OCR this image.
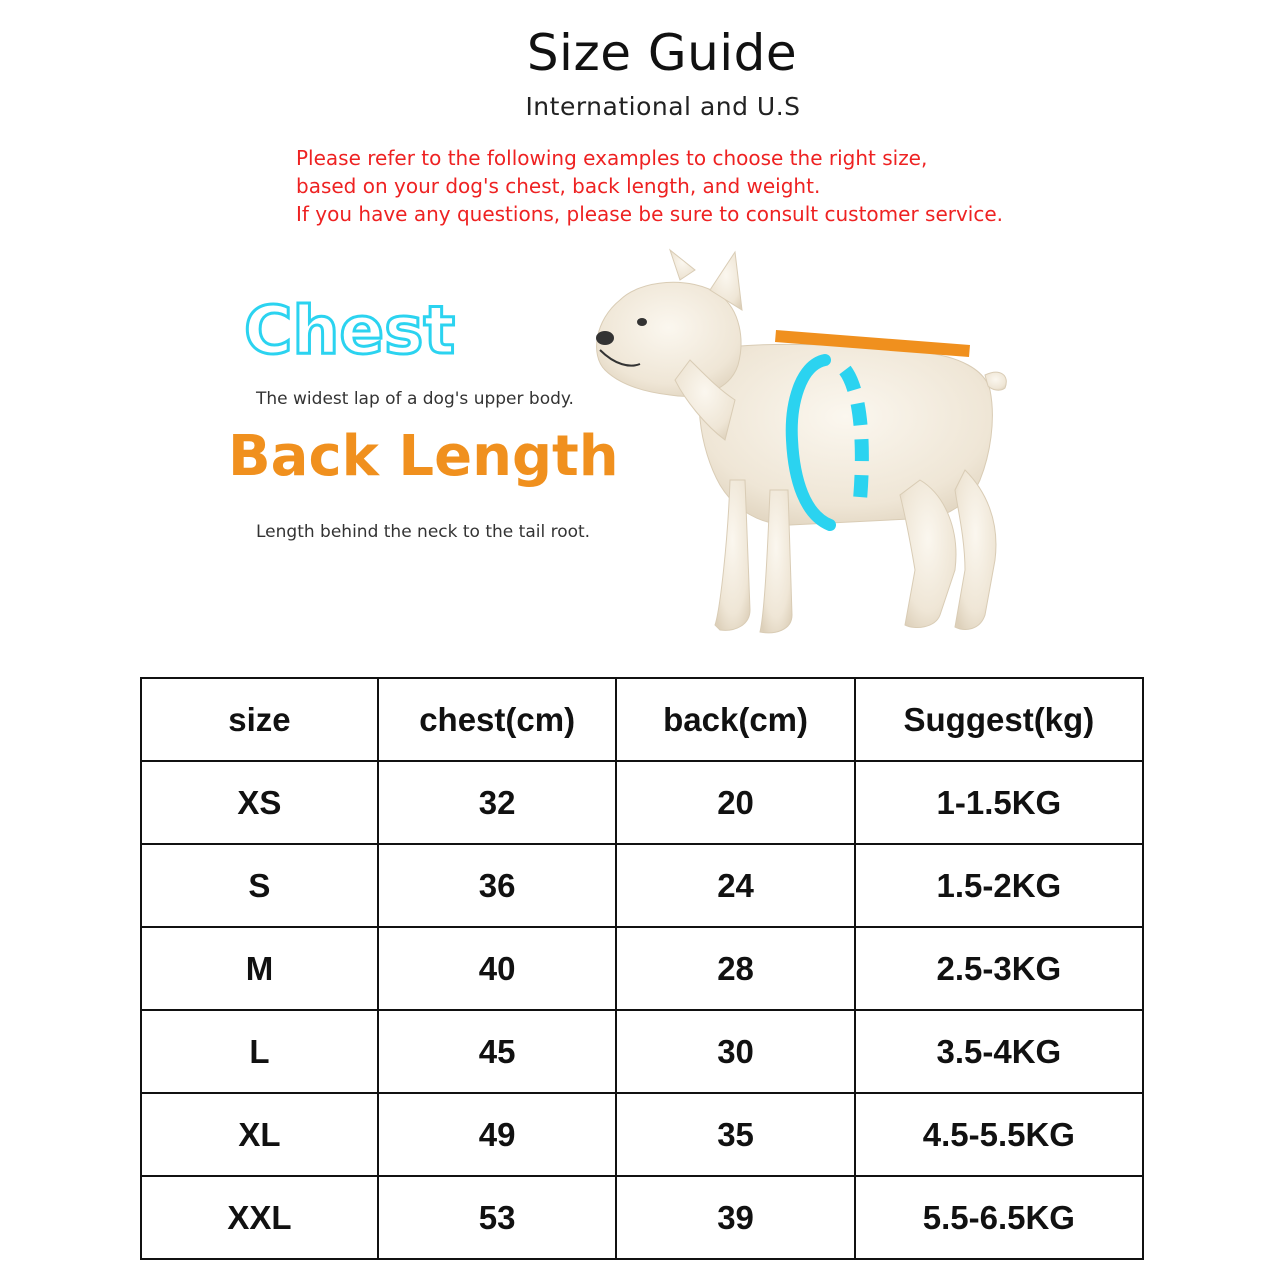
Size Guide
International and U.S
Please refer to the following examples to choose the right size,
based on your dog's chest, back length, and weight.
If you have any questions, please be sure to consult customer service.
Chest
The widest lap of a dog's upper body.
Back Length
Length behind the neck to the tail root.
size	chest(cm)	back(cm)	Suggest(kg)
XS	32	20	1-1.5KG
S	36	24	1.5-2KG
M	40	28	2.5-3KG
L	45	30	3.5-4KG
XL	49	35	4.5-5.5KG
XXL	53	39	5.5-6.5KG
